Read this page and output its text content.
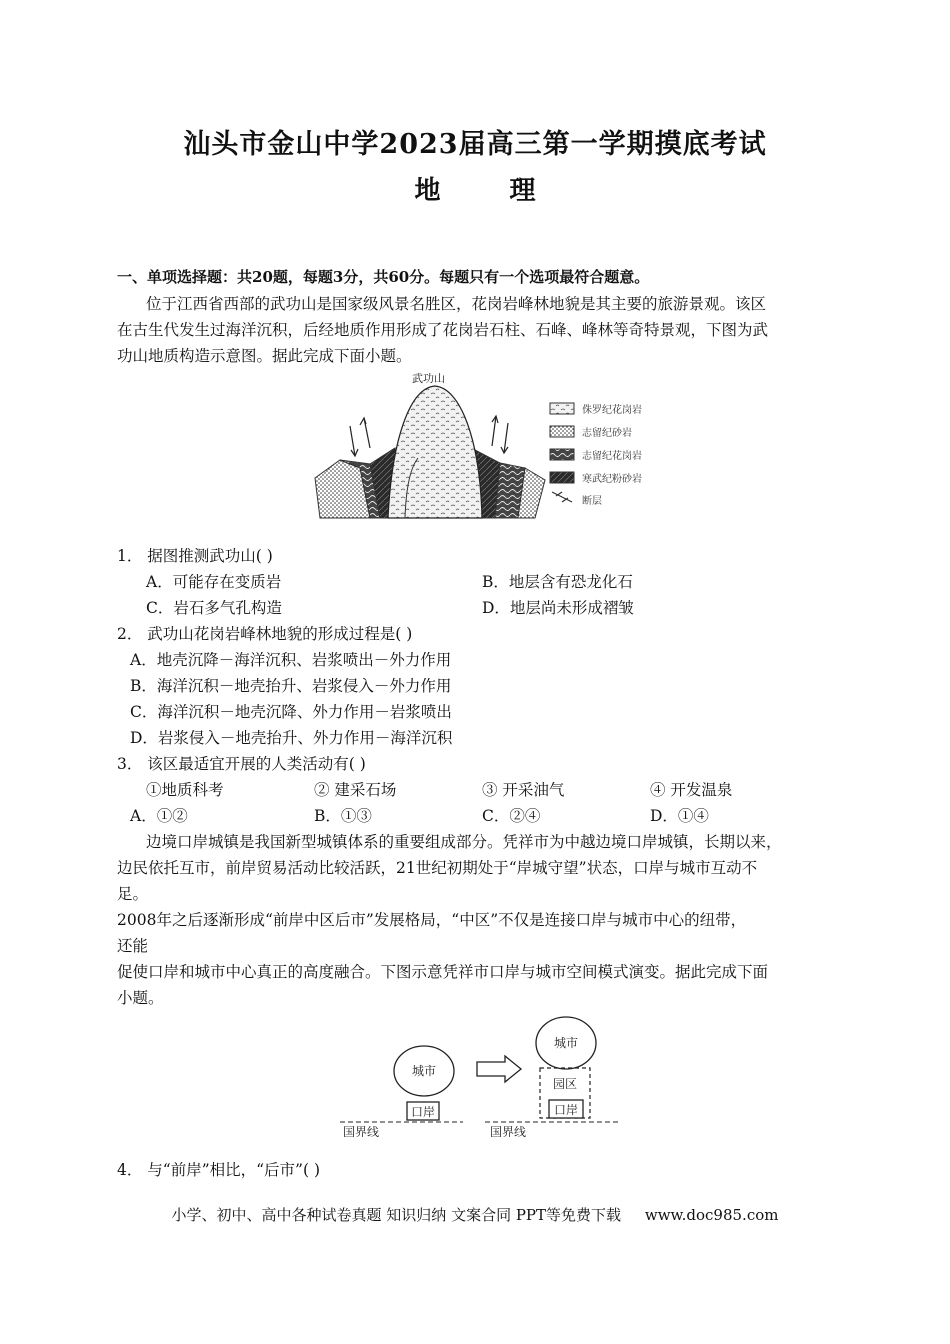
汕头市金山中学2023届高三第一学期摸底考试
地 理
一、单项选择题：共20题，每题3分，共60分。每题只有一个选项最符合题意。
位于江西省西部的武功山是国家级风景名胜区，花岗岩峰林地貌是其主要的旅游景观。该区
在古生代发生过海洋沉积，后经地质作用形成了花岗岩石柱、石峰、峰林等奇特景观，下图为武
功山地质构造示意图。据此完成下面小题。
武功山
侏罗纪花岗岩
志留纪砂岩
志留纪花岗岩
寒武纪粉砂岩
断层
1． 据图推测武功山( )
A．可能存在变质岩	B．地层含有恐龙化石
C．岩石多气孔构造	D．地层尚未形成褶皱
2． 武功山花岗岩峰林地貌的形成过程是( )
A．地壳沉降－海洋沉积、岩浆喷出－外力作用
B．海洋沉积－地壳抬升、岩浆侵入－外力作用
C．海洋沉积－地壳沉降、外力作用－岩浆喷出
D．岩浆侵入－地壳抬升、外力作用－海洋沉积
3． 该区最适宜开展的人类活动有( )
①地质科考	② 建采石场	③ 开采油气	④ 开发温泉
A．①②	B．①③	C．②④	D．①④
边境口岸城镇是我国新型城镇体系的重要组成部分。凭祥市为中越边境口岸城镇，长期以来，
边民依托互市，前岸贸易活动比较活跃，21世纪初期处于“岸城守望”状态，口岸与城市互动不
足。
2008年之后逐渐形成“前岸中区后市”发展格局，“中区”不仅是连接口岸与城市中心的纽带，
还能
促使口岸和城市中心真正的高度融合。下图示意凭祥市口岸与城市空间模式演变。据此完成下面
小题。
城市
口岸
国界线
城市
园区
口岸
国界线
4． 与“前岸”相比，“后市”( )
小学、初中、高中各种试卷真题 知识归纳 文案合同 PPT等免费下载 www.doc985.com
